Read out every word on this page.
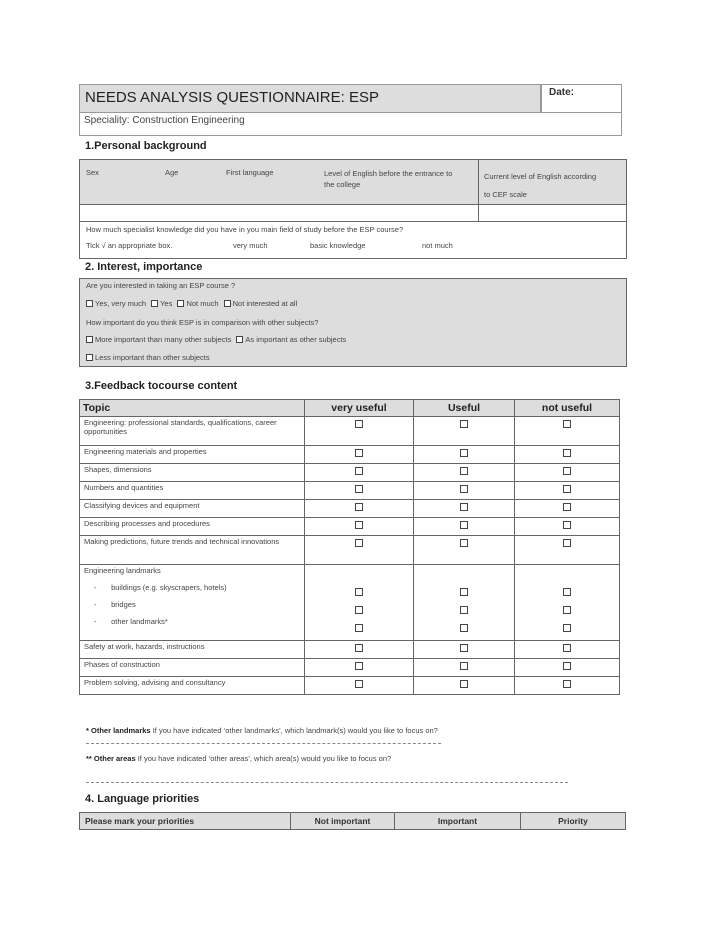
NEEDS ANALYSIS QUESTIONNAIRE: ESP	Date:
Speciality: Construction Engineering
1.Personal background
Sex	Age	First language	Level of English before the entrance to the college
Current level of English according to CEF scale
How much specialist knowledge did you have in you main field of study before the ESP course?
Tick √ an appropriate box.	very much	basic knowledge	not much
2. Interest, importance
Are you interested in taking an ESP course ?
Yes, very much Yes Not much Not interested at all
How important do you think ESP is in comparison with other subjects?
More important than many other subjects As important as other subjects
Less important than other subjects
3.Feedback tocourse content
Topic	very useful	Useful	not useful
Engineering: professional standards, qualifications, career opportunities			
Engineering materials and properties			
Shapes, dimensions			
Numbers and quantities			
Classifying devices and equipment			
Describing processes and procedures			
Making predictions, future trends and technical innovations			
Engineering landmarks
- buildings (e.g. skyscrapers, hotels)
- bridges
- other landmarks*			

Safety at work, hazards, instructions			
Phases of construction			
Problem solving, advising and consultancy			
* Other landmarks If you have indicated ‘other landmarks’, which landmark(s) would you like to focus on?
** Other areas If you have indicated ‘other areas’, which area(s) would you like to focus on?
4. Language priorities
Please mark your priorities	Not important	Important	Priority
